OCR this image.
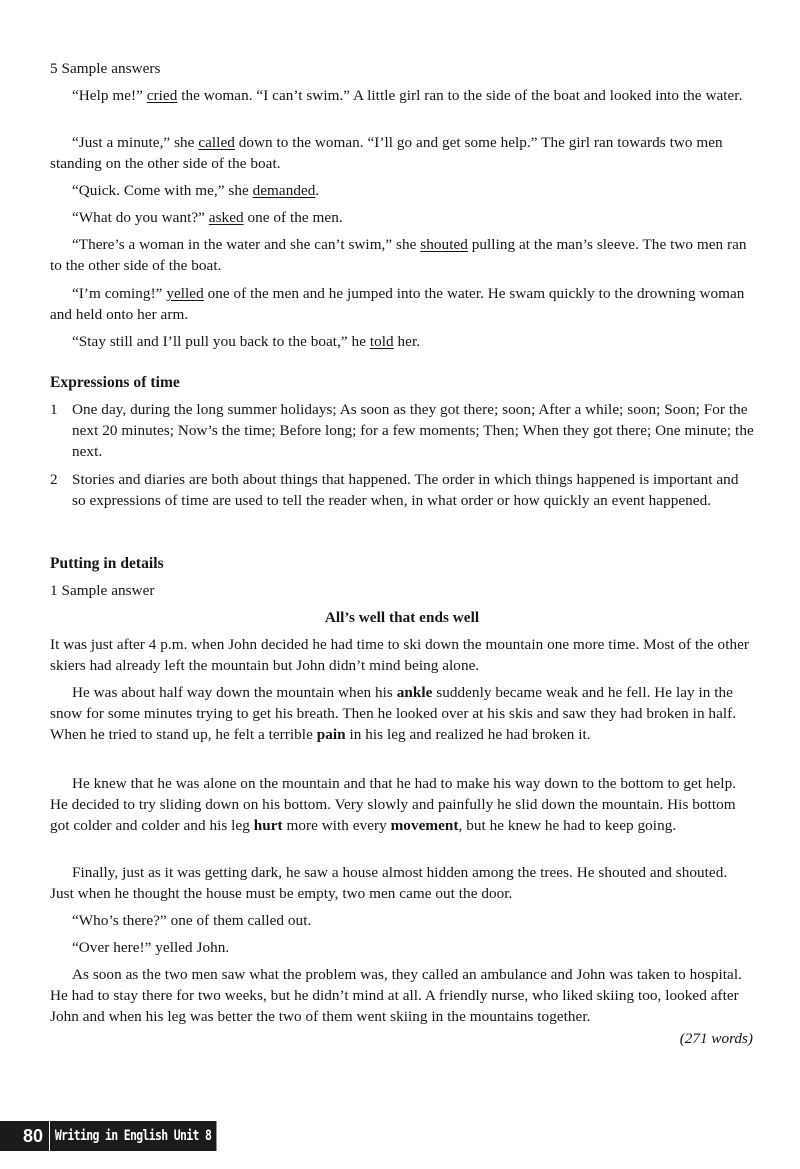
5 Sample answers

“Help me!” cried the woman. “I can’t swim.” A little girl ran to the side of the boat and looked into the water.

“Just a minute,” she called down to the woman. “I’ll go and get some help.” The girl ran towards two men standing on the other side of the boat.

“Quick. Come with me,” she demanded.

“What do you want?” asked one of the men.

“There’s a woman in the water and she can’t swim,” she shouted pulling at the man’s sleeve. The two men ran to the other side of the boat.

“I’m coming!” yelled one of the men and he jumped into the water. He swam quickly to the drowning woman and held onto her arm.

“Stay still and I’ll pull you back to the boat,” he told her.

Expressions of time

1 One day, during the long summer holidays; As soon as they got there; soon; After a while; soon; Soon; For the next 20 minutes; Now’s the time; Before long; for a few moments; Then; When they got there; One minute; the next.

2 Stories and diaries are both about things that happened. The order in which things happened is important and so expressions of time are used to tell the reader when, in what order or how quickly an event happened.

Putting in details

1 Sample answer

All’s well that ends well

It was just after 4 p.m. when John decided he had time to ski down the mountain one more time. Most of the other skiers had already left the mountain but John didn’t mind being alone.

He was about half way down the mountain when his ankle suddenly became weak and he fell. He lay in the snow for some minutes trying to get his breath. Then he looked over at his skis and saw they had broken in half. When he tried to stand up, he felt a terrible pain in his leg and realized he had broken it.

He knew that he was alone on the mountain and that he had to make his way down to the bottom to get help. He decided to try sliding down on his bottom. Very slowly and painfully he slid down the mountain. His bottom got colder and colder and his leg hurt more with every movement, but he knew he had to keep going.

Finally, just as it was getting dark, he saw a house almost hidden among the trees. He shouted and shouted. Just when he thought the house must be empty, two men came out the door.

“Who’s there?” one of them called out.

“Over here!” yelled John.

As soon as the two men saw what the problem was, they called an ambulance and John was taken to hospital. He had to stay there for two weeks, but he didn’t mind at all. A friendly nurse, who liked skiing too, looked after John and when his leg was better the two of them went skiing in the mountains together.

(271 words)
80 Writing in English Unit 8
